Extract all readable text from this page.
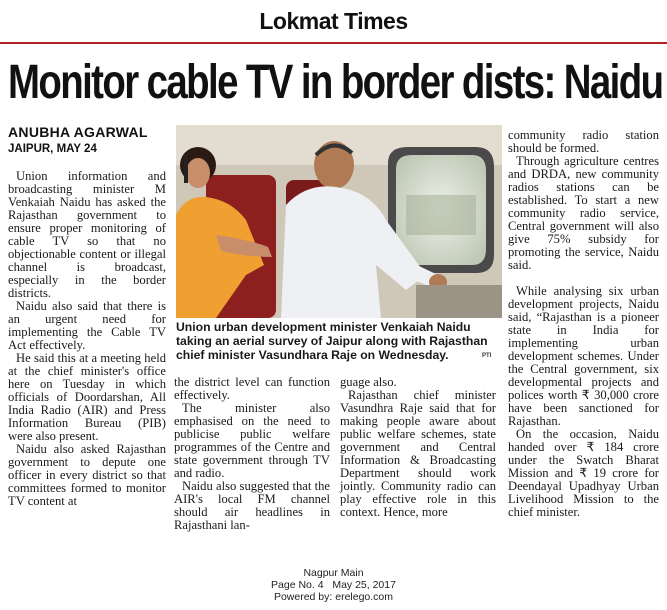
Lokmat Times
Monitor cable TV in border dists: Naidu
ANUBHA AGARWAL
JAIPUR, MAY 24

Union information and broadcasting minister M Venkaiah Naidu has asked the Rajasthan government to ensure proper monitoring of cable TV so that no objectionable content or illegal channel is broadcast, especially in the border districts.

Naidu also said that there is an urgent need for implementing the Cable TV Act effectively.

He said this at a meeting held at the chief minister's office here on Tuesday in which officials of Doordarshan, All India Radio (AIR) and Press Information Bureau (PIB) were also present.

Naidu also asked Rajasthan government to depute one officer in every district so that committees formed to monitor TV content at

Union urban development minister Venkaiah Naidu taking an aerial survey of Jaipur along with Rajasthan chief minister Vasundhara Raje on Wednesday.	PTI

the district level can function effectively.

The minister also emphasised on the need to publicise public welfare programmes of the Centre and state government through TV and radio.

Naidu also suggested that the AIR's local FM channel should air headlines in Rajasthani lan-

guage also.

Rajasthan chief minister Vasundhra Raje said that for making people aware about public welfare schemes, state government and Central Information & Broadcasting Department should work jointly. Community radio can play effective role in this context. Hence, more

community radio station should be formed.

Through agriculture centres and DRDA, new community radios stations can be established. To start a new community radio service, Central government will also give 75% subsidy for promoting the service, Naidu said.

While analysing six urban development projects, Naidu said, “Rajasthan is a pioneer state in India for implementing urban development schemes. Under the Central government, six developmental projects and polices worth ₹ 30,000 crore have been sanctioned for Rajasthan.

On the occasion, Naidu handed over ₹ 184 crore under the Swatch Bharat Mission and ₹ 19 crore for Deendayal Upadhyay Urban Livelihood Mission to the chief minister.

Nagpur Main
Page No. 4   May 25, 2017
Powered by: erelego.com
